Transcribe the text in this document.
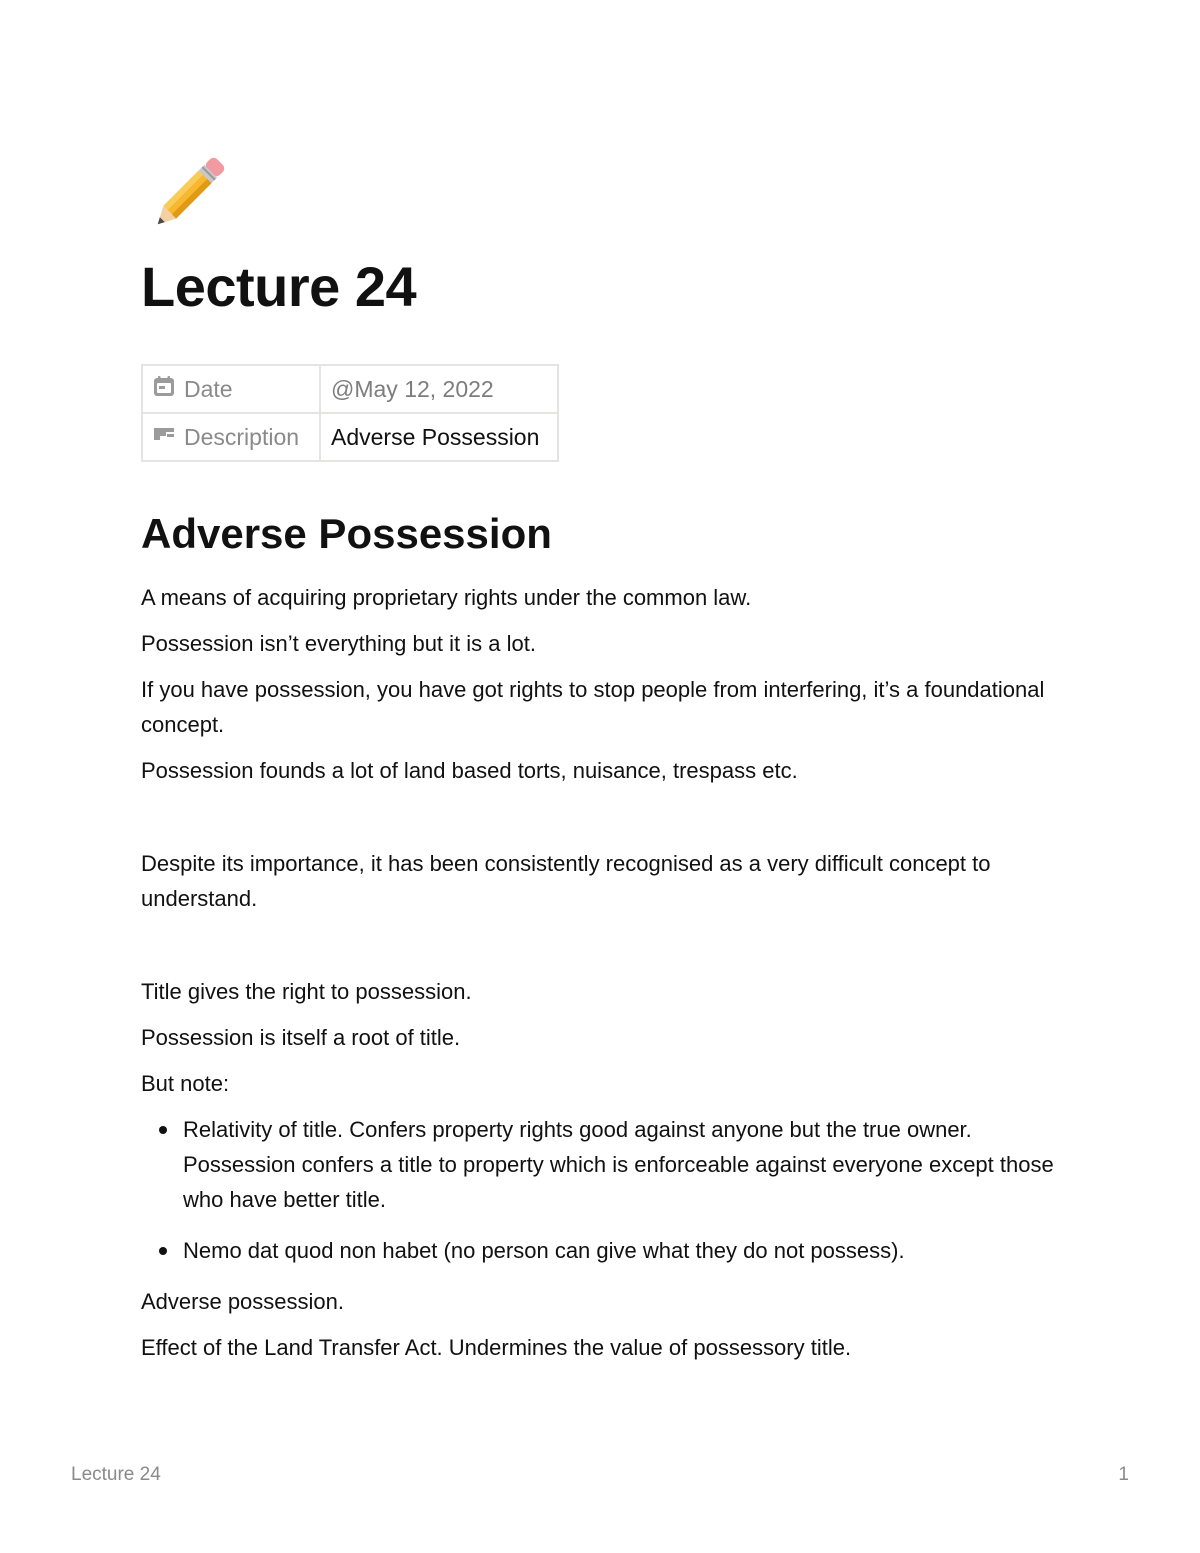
Lecture 24
Date	@May 12, 2022

Description	Adverse Possession
Adverse Possession

A means of acquiring proprietary rights under the common law.

Possession isn’t everything but it is a lot.

If you have possession, you have got rights to stop people from interfering, it’s a foundational concept.

Possession founds a lot of land based torts, nuisance, trespass etc.

Despite its importance, it has been consistently recognised as a very difficult concept to understand.

Title gives the right to possession.

Possession is itself a root of title.

But note:

Relativity of title. Confers property rights good against anyone but the true owner. Possession confers a title to property which is enforceable against everyone except those who have better title.
Nemo dat quod non habet (no person can give what they do not possess).

Adverse possession.

Effect of the Land Transfer Act. Undermines the value of possessory title.

Lecture 24	1
